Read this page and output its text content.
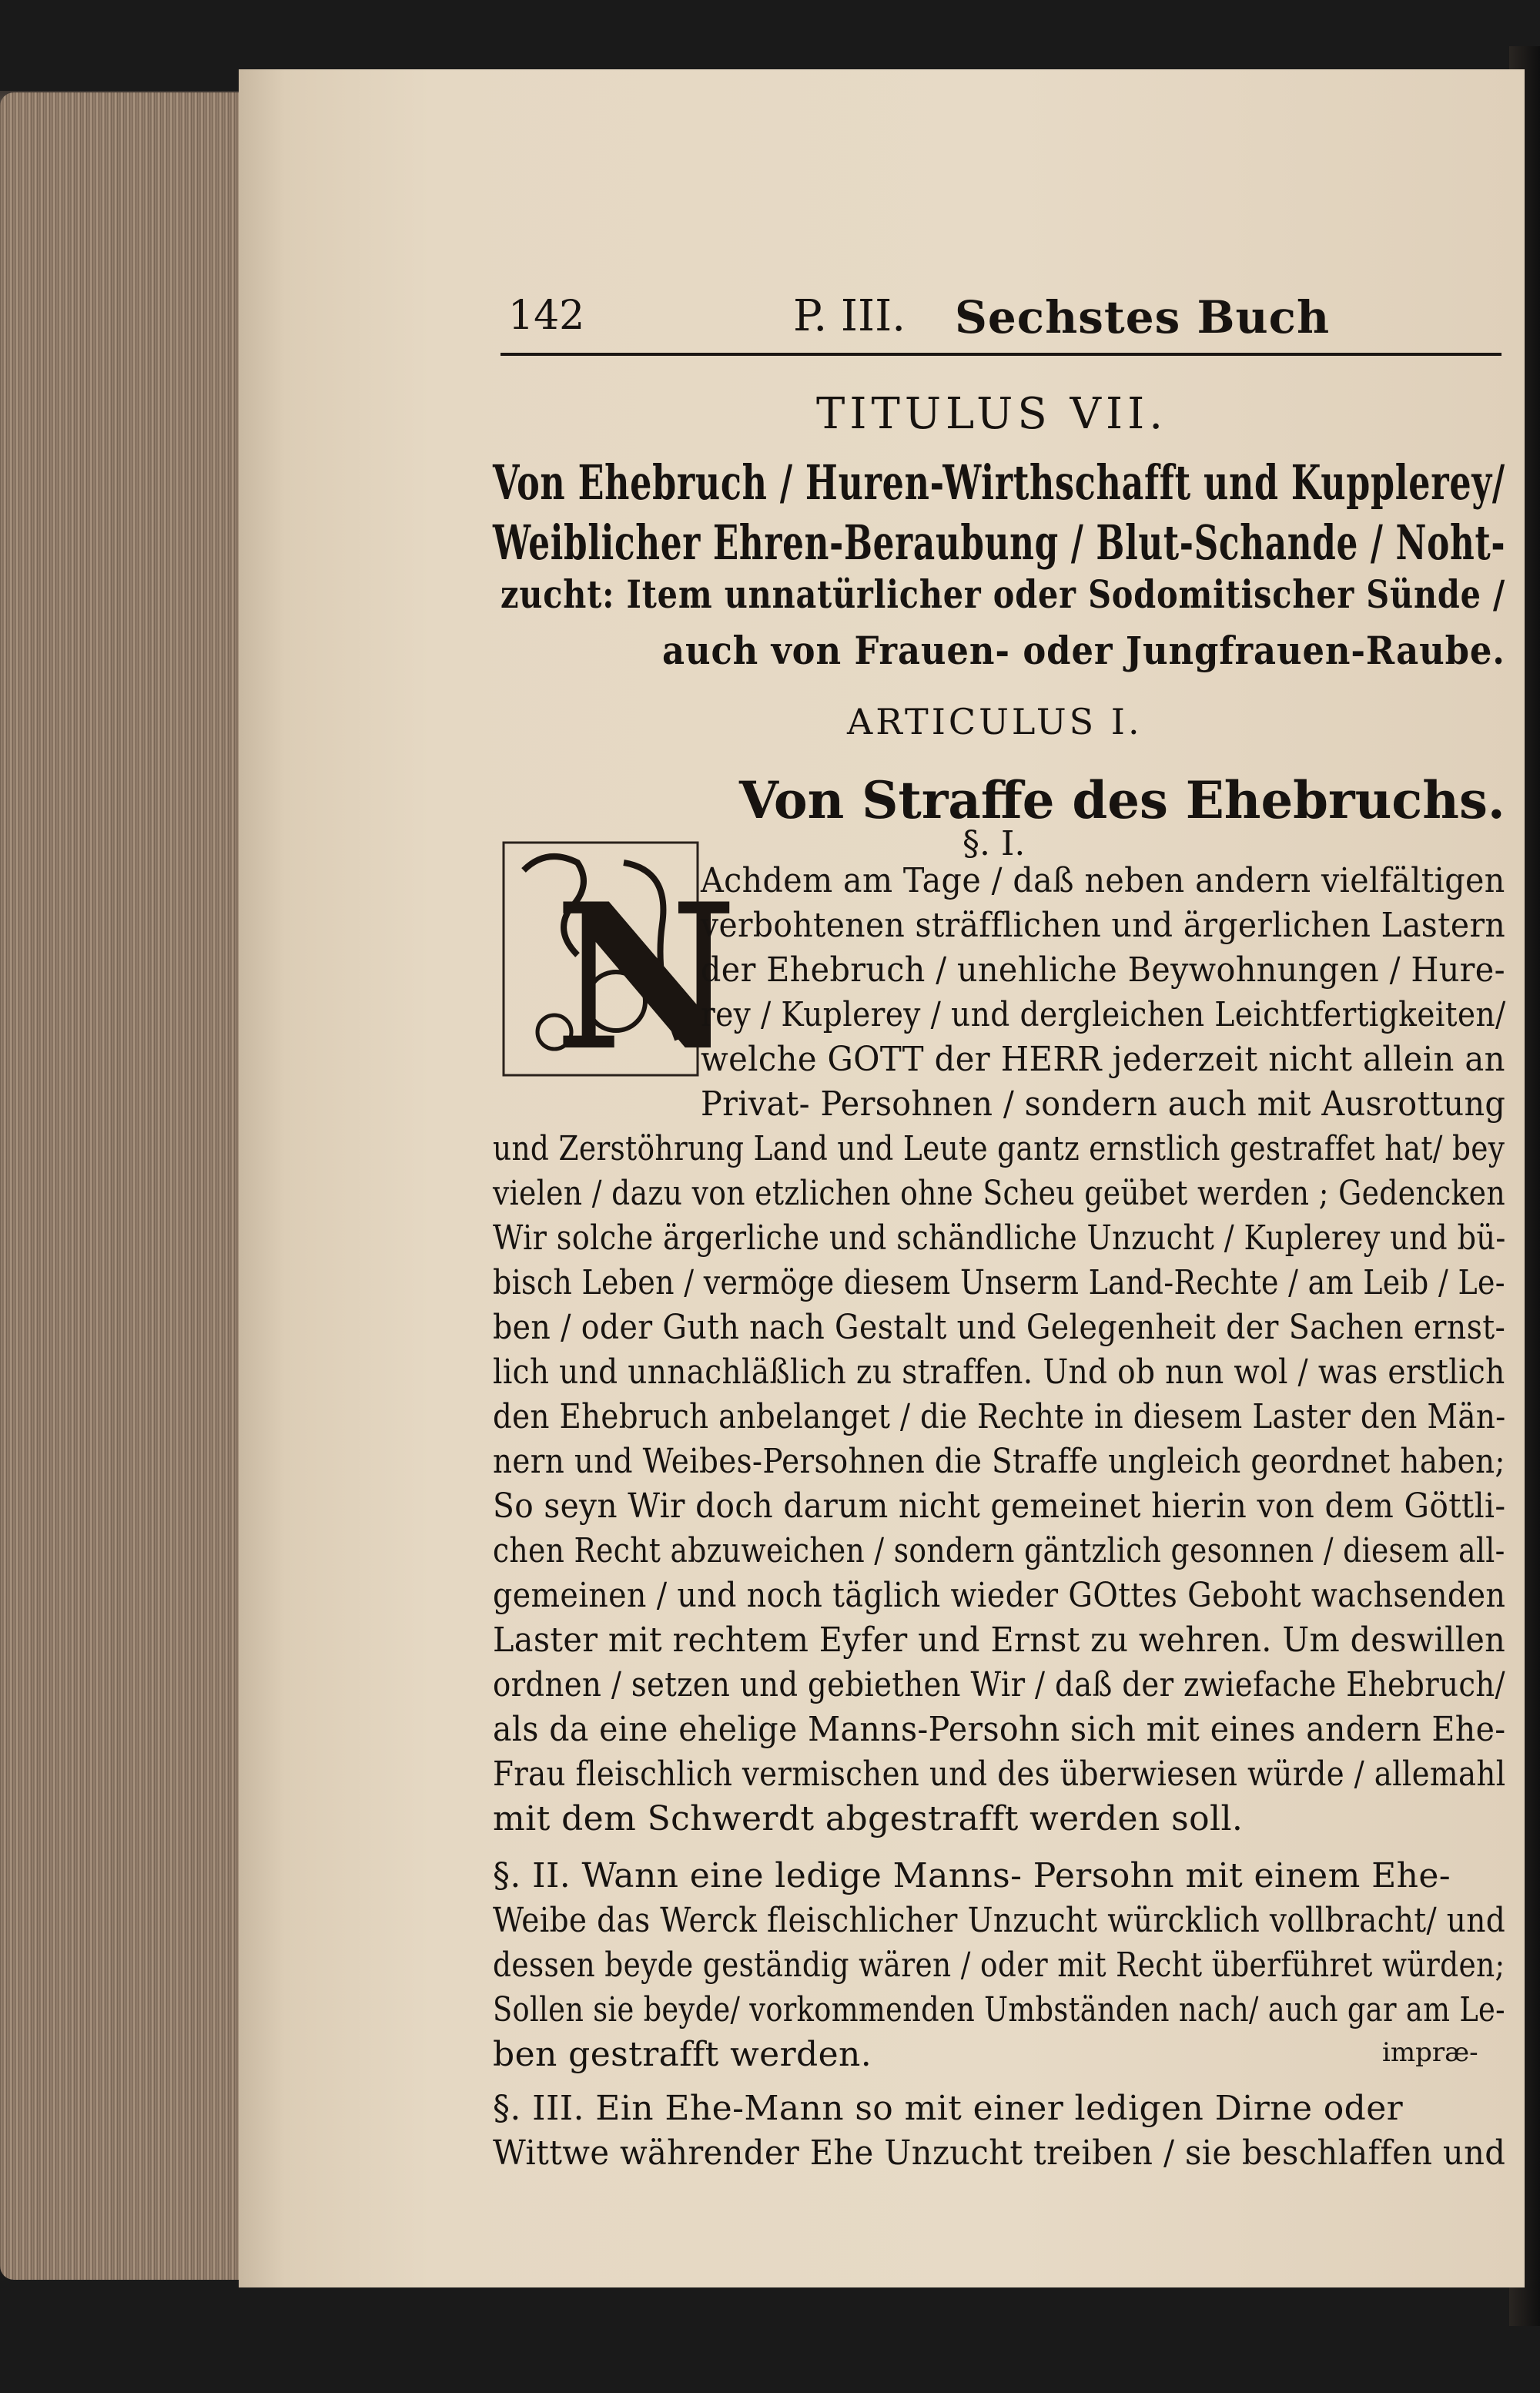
142	P. III. Sechstes Buch
TITULUS VII.
Von Ehebruch / Huren-Wirthschafft und Kupplerey/
Weiblicher Ehren-Beraubung / Blut-Schande / Noht-
zucht: Item unnatürlicher oder Sodomitischer Sünde /
auch von Frauen- oder Jungfrauen-Raube.
ARTICULUS I.
Von Straffe des Ehebruchs.
§. I.
N
Achdem am Tage / daß neben andern vielfältigen
verbohtenen sträfflichen und ärgerlichen Lastern
der Ehebruch / unehliche Beywohnungen / Hure-
rey / Kuplerey / und dergleichen Leichtfertigkeiten/
welche GOTT der HERR jederzeit nicht allein an
Privat- Persohnen / sondern auch mit Ausrottung
und Zerstöhrung Land und Leute gantz ernstlich gestraffet hat/ bey
vielen / dazu von etzlichen ohne Scheu geübet werden ; Gedencken
Wir solche ärgerliche und schändliche Unzucht / Kuplerey und bü-
bisch Leben / vermöge diesem Unserm Land-Rechte / am Leib / Le-
ben / oder Guth nach Gestalt und Gelegenheit der Sachen ernst-
lich und unnachläßlich zu straffen. Und ob nun wol / was erstlich
den Ehebruch anbelanget / die Rechte in diesem Laster den Män-
nern und Weibes-Persohnen die Straffe ungleich geordnet haben;
So seyn Wir doch darum nicht gemeinet hierin von dem Göttli-
chen Recht abzuweichen / sondern gäntzlich gesonnen / diesem all-
gemeinen / und noch täglich wieder GOttes Geboht wachsenden
Laster mit rechtem Eyfer und Ernst zu wehren. Um deswillen
ordnen / setzen und gebiethen Wir / daß der zwiefache Ehebruch/
als da eine ehelige Manns-Persohn sich mit eines andern Ehe-
Frau fleischlich vermischen und des überwiesen würde / allemahl
mit dem Schwerdt abgestrafft werden soll.
§. II. Wann eine ledige Manns- Persohn mit einem Ehe-
Weibe das Werck fleischlicher Unzucht würcklich vollbracht/ und
dessen beyde geständig wären / oder mit Recht überführet würden;
Sollen sie beyde/ vorkommenden Umbständen nach/ auch gar am Le-
ben gestrafft werden.
§. III. Ein Ehe-Mann so mit einer ledigen Dirne oder
Wittwe währender Ehe Unzucht treiben / sie beschlaffen und
impræ-
